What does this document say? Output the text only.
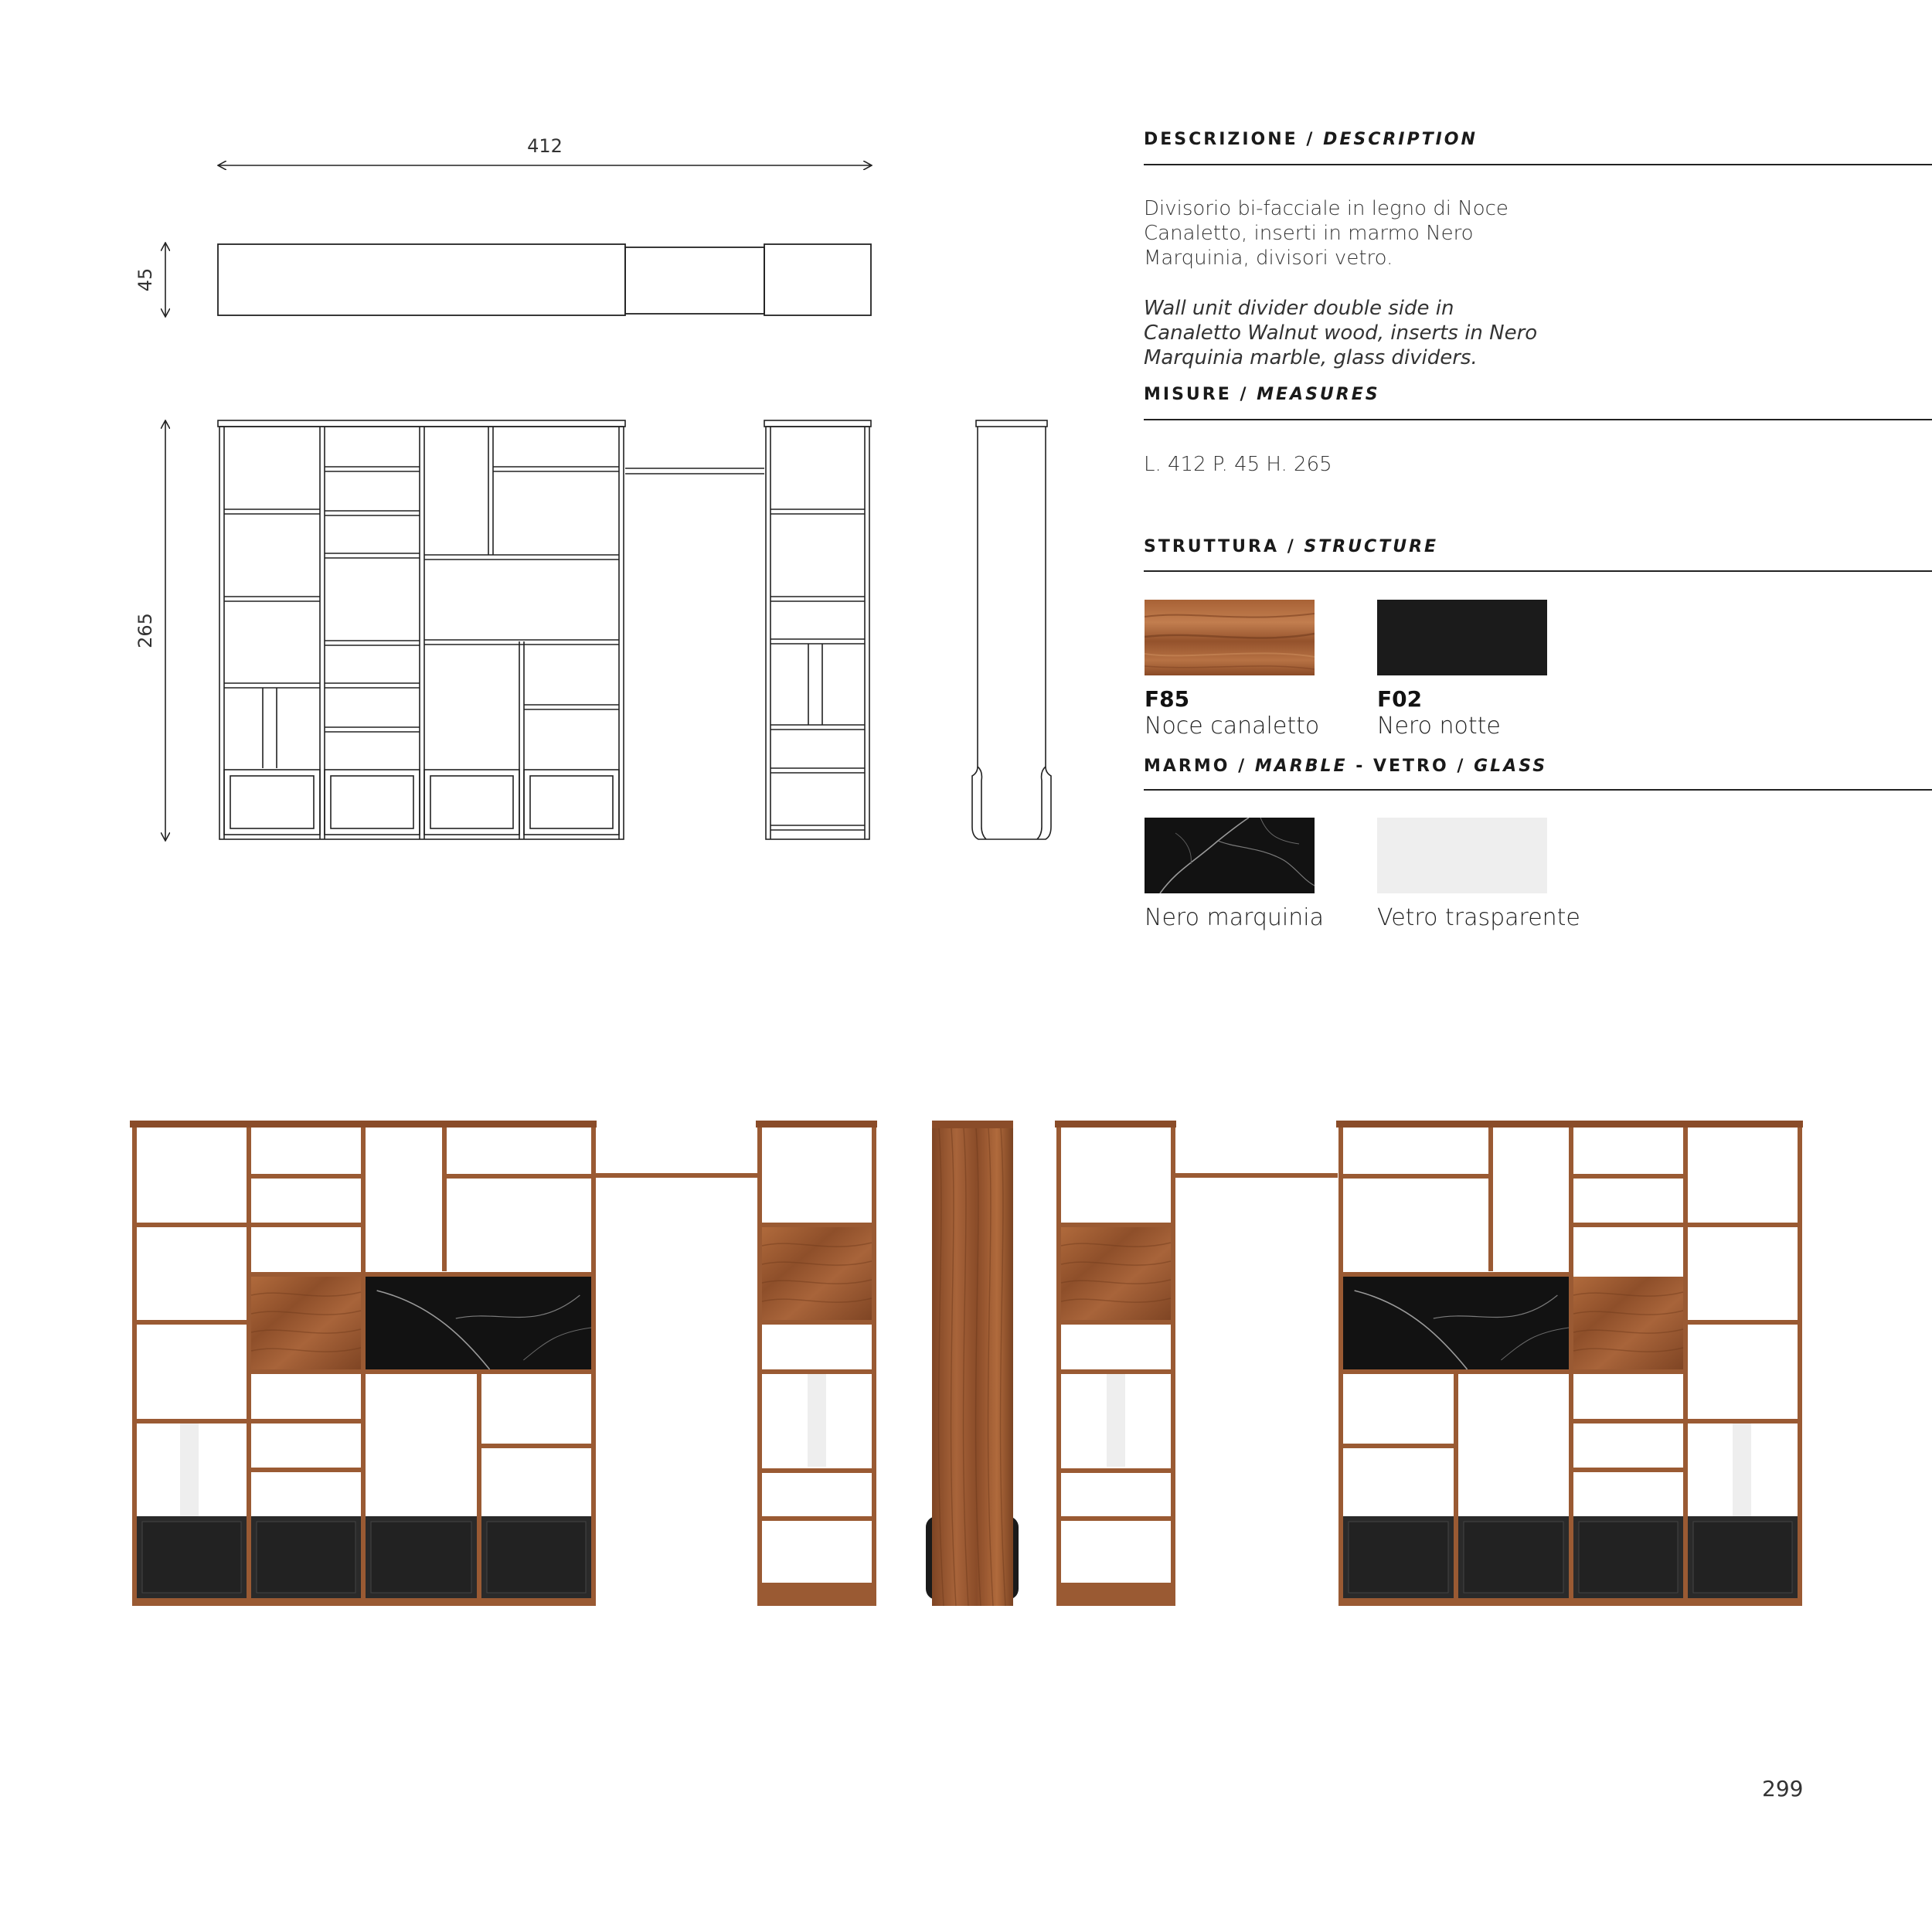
412
45
265
DESCRIZIONE / DESCRIPTION
Divisorio bi-facciale in legno di Noce Canaletto, inserti in marmo Nero Marquinia, divisori vetro.
Wall unit divider double side in Canaletto Walnut wood, inserts in Nero Marquinia marble, glass dividers.
MISURE / MEASURES
L. 412 P. 45 H. 265
STRUTTURA / STRUCTURE
F85
Noce canaletto
F02
Nero notte
MARMO / MARBLE - VETRO / GLASS
Nero marquinia Vetro trasparente
299
